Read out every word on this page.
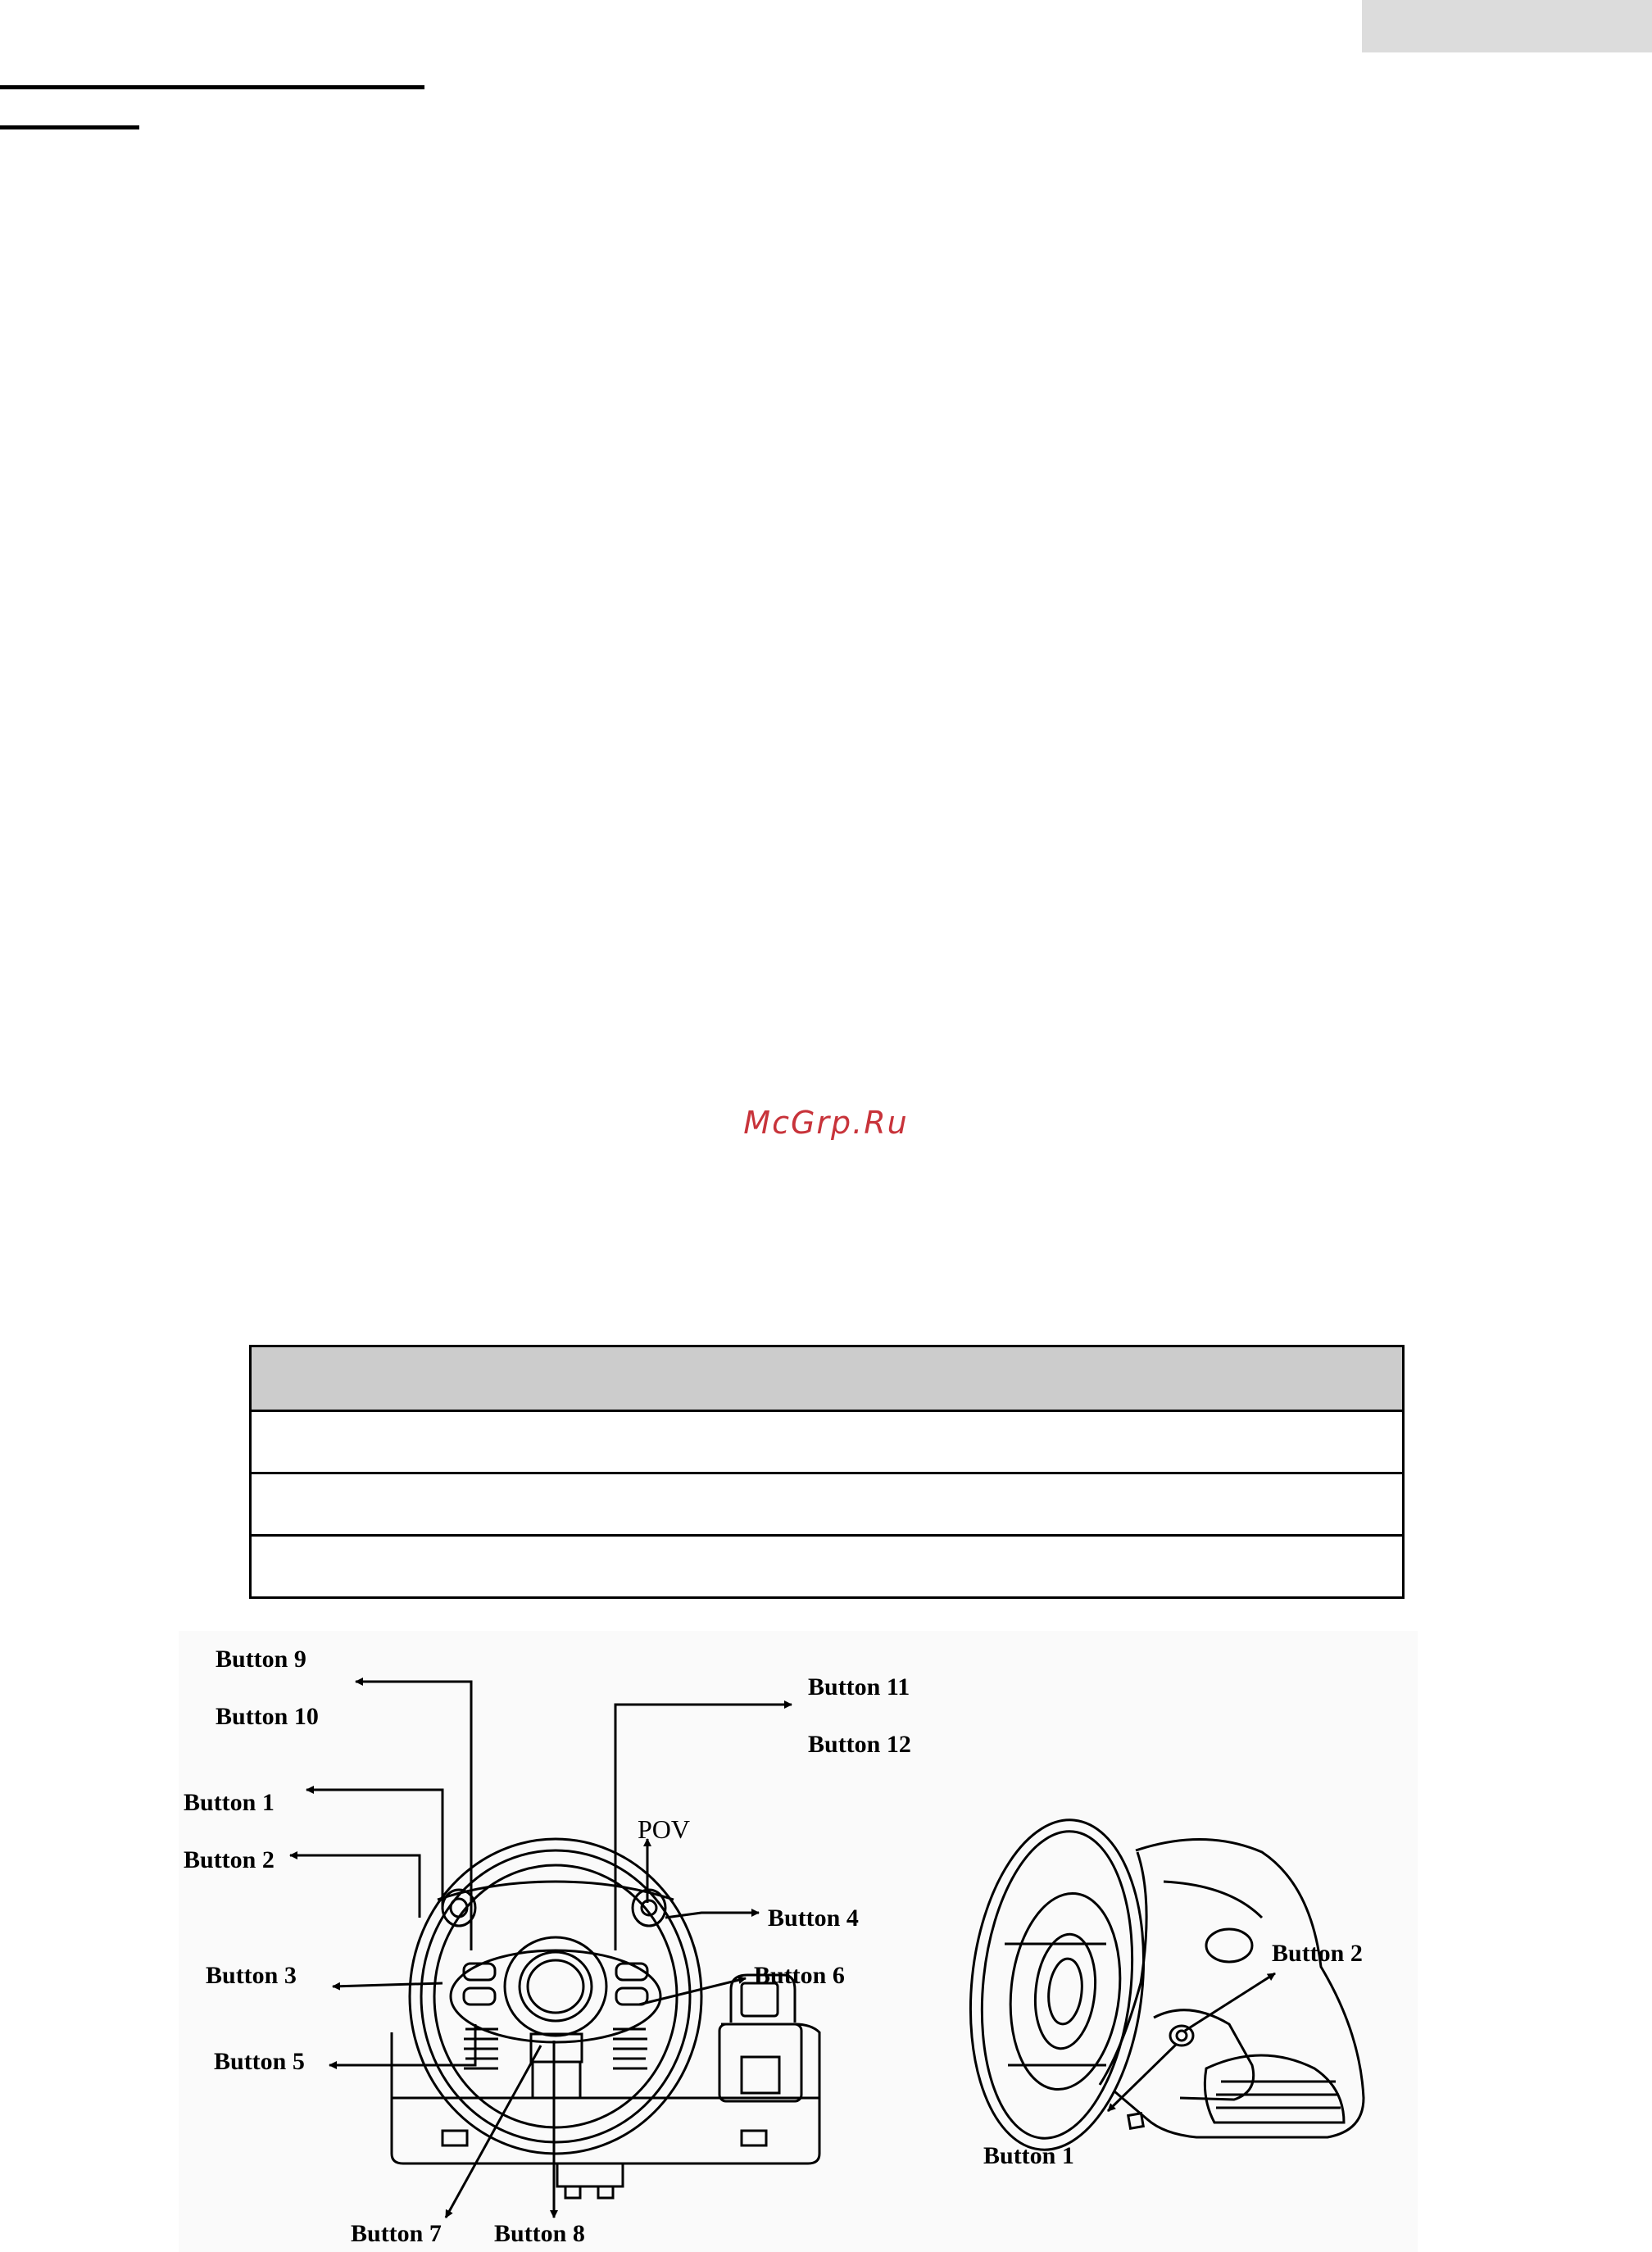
McGrp.Ru

Button 9
Button 10
Button 11
Button 12
Button 1
Button 2
POV
Button 4
Button 3	Button 6
Button 5
Button 7 Button 8
Button 2
Button 1
